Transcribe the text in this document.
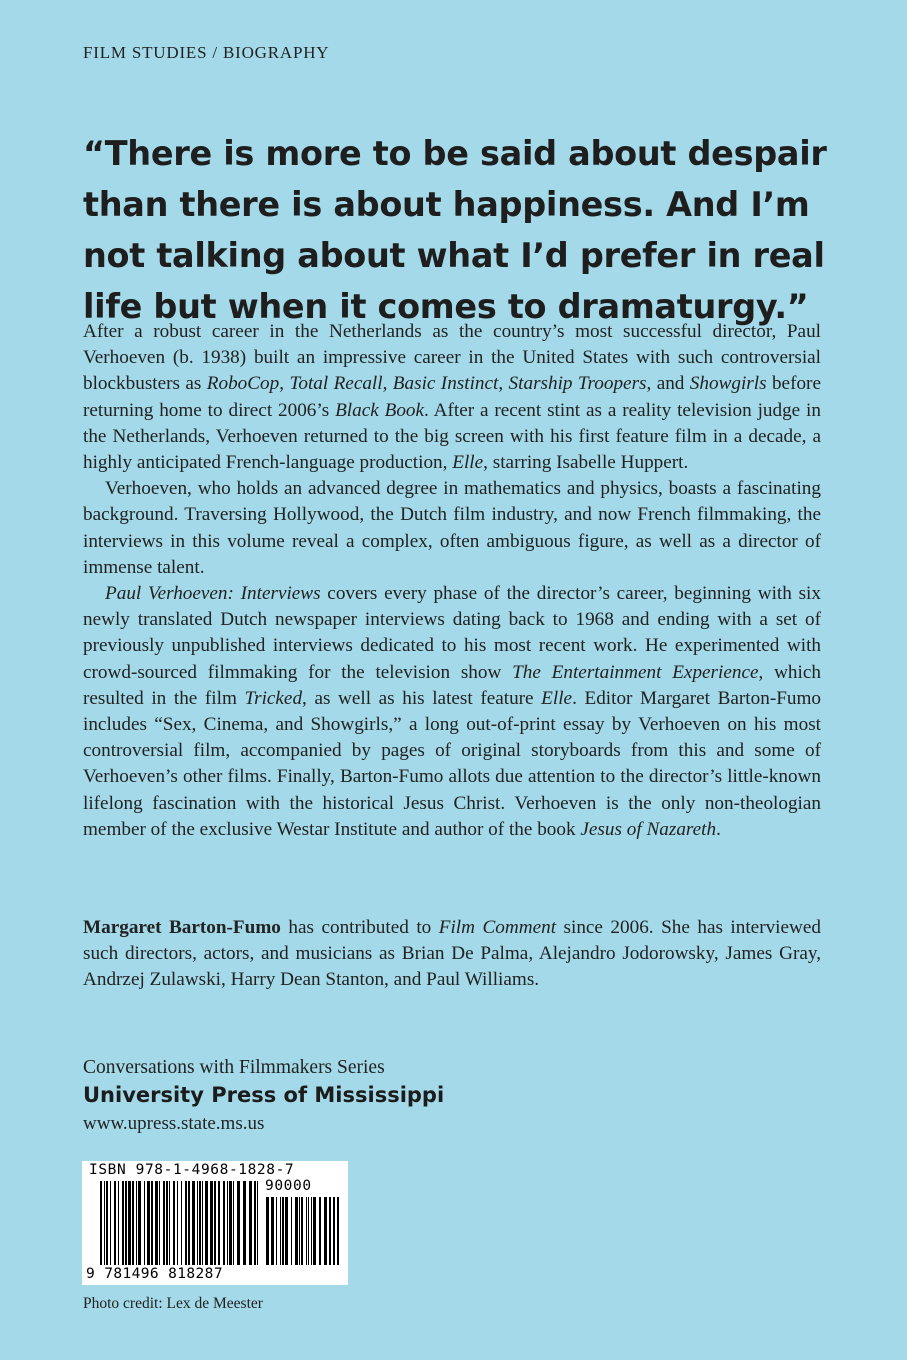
FILM STUDIES / BIOGRAPHY

“There is more to be said about despair than there is about happiness. And I’m not talking about what I’d prefer in real life but when it comes to dramaturgy.”

After a robust career in the Netherlands as the country’s most successful director, Paul Verhoeven (b. 1938) built an impressive career in the United States with such controversial blockbusters as RoboCop, Total Recall, Basic Instinct, Starship Troopers, and Showgirls before returning home to direct 2006’s Black Book. After a recent stint as a reality television judge in the Netherlands, Verhoeven returned to the big screen with his first feature film in a decade, a highly anticipated French-language production, Elle, starring Isabelle Huppert.

Verhoeven, who holds an advanced degree in mathematics and physics, boasts a fascinating background. Traversing Hollywood, the Dutch film industry, and now French filmmaking, the interviews in this volume reveal a complex, often ambiguous figure, as well as a director of immense talent.

Paul Verhoeven: Interviews covers every phase of the director’s career, beginning with six newly translated Dutch newspaper interviews dating back to 1968 and ending with a set of previously unpublished interviews dedicated to his most recent work. He experimented with crowd-sourced filmmaking for the television show The Entertainment Experience, which resulted in the film Tricked, as well as his latest feature Elle. Editor Margaret Barton-Fumo includes “Sex, Cinema, and Showgirls,” a long out-of-print essay by Verhoeven on his most controversial film, accompanied by pages of original storyboards from this and some of Verhoeven’s other films. Finally, Barton-Fumo allots due attention to the director’s little-known lifelong fascination with the historical Jesus Christ. Verhoeven is the only non-theologian member of the exclusive Westar Institute and author of the book Jesus of Nazareth.

Margaret Barton-Fumo has contributed to Film Comment since 2006. She has interviewed such directors, actors, and musicians as Brian De Palma, Alejandro Jodorowsky, James Gray, Andrzej Zulawski, Harry Dean Stanton, and Paul Williams.

Conversations with Filmmakers Series
University Press of Mississippi
www.upress.state.ms.us
ISBN 978-1-4968-1828-7
90000
9 781496 818287
Photo credit: Lex de Meester
